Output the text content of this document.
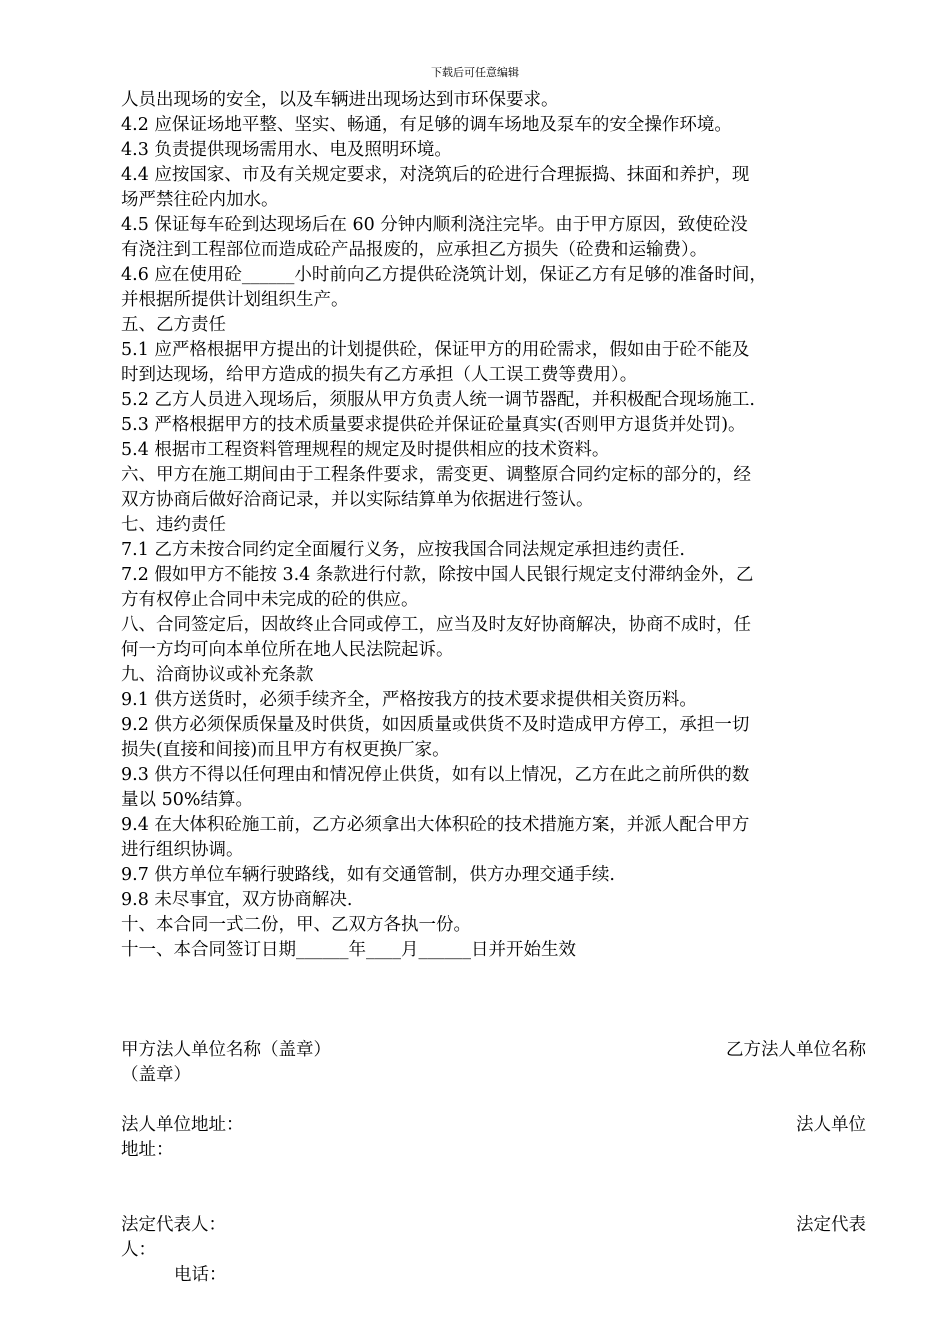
下载后可任意编辑
人员出现场的安全，以及车辆进出现场达到市环保要求。
4.2 应保证场地平整、坚实、畅通，有足够的调车场地及泵车的安全操作环境。
4.3 负责提供现场需用水、电及照明环境。
4.4 应按国家、市及有关规定要求，对浇筑后的砼进行合理振捣、抹面和养护，现
场严禁往砼内加水。
4.5 保证每车砼到达现场后在 60 分钟内顺利浇注完毕。由于甲方原因，致使砼没
有浇注到工程部位而造成砼产品报废的，应承担乙方损失（砼费和运输费）。
4.6 应在使用砼______小时前向乙方提供砼浇筑计划，保证乙方有足够的准备时间，
并根据所提供计划组织生产。
五、乙方责任
5.1 应严格根据甲方提出的计划提供砼，保证甲方的用砼需求，假如由于砼不能及
时到达现场，给甲方造成的损失有乙方承担（人工误工费等费用）。
5.2 乙方人员进入现场后，须服从甲方负责人统一调节器配，并积极配合现场施工.
5.3 严格根据甲方的技术质量要求提供砼并保证砼量真实(否则甲方退货并处罚)。
5.4 根据市工程资料管理规程的规定及时提供相应的技术资料。
六、甲方在施工期间由于工程条件要求，需变更、调整原合同约定标的部分的，经
双方协商后做好洽商记录，并以实际结算单为依据进行签认。
七、违约责任
7.1 乙方未按合同约定全面履行义务，应按我国合同法规定承担违约责任.
7.2 假如甲方不能按 3.4 条款进行付款，除按中国人民银行规定支付滞纳金外，乙
方有权停止合同中未完成的砼的供应。
八、合同签定后，因故终止合同或停工，应当及时友好协商解决，协商不成时，任
何一方均可向本单位所在地人民法院起诉。
九、洽商协议或补充条款
9.1 供方送货时，必须手续齐全，严格按我方的技术要求提供相关资历料。
9.2 供方必须保质保量及时供货，如因质量或供货不及时造成甲方停工，承担一切
损失(直接和间接)而且甲方有权更换厂家。
9.3 供方不得以任何理由和情况停止供货，如有以上情况，乙方在此之前所供的数
量以 50%结算。
9.4 在大体积砼施工前，乙方必须拿出大体积砼的技术措施方案，并派人配合甲方
进行组织协调。
9.7 供方单位车辆行驶路线，如有交通管制，供方办理交通手续.
9.8 未尽事宜，双方协商解决.
十、本合同一式二份，甲、乙双方各执一份。
十一、本合同签订日期______年____月______日并开始生效
甲方法人单位名称（盖章）	乙方法人单位名称
（盖章）
法人单位地址：	法人单位
地址：
法定代表人：	法定代表
人：
电话：
